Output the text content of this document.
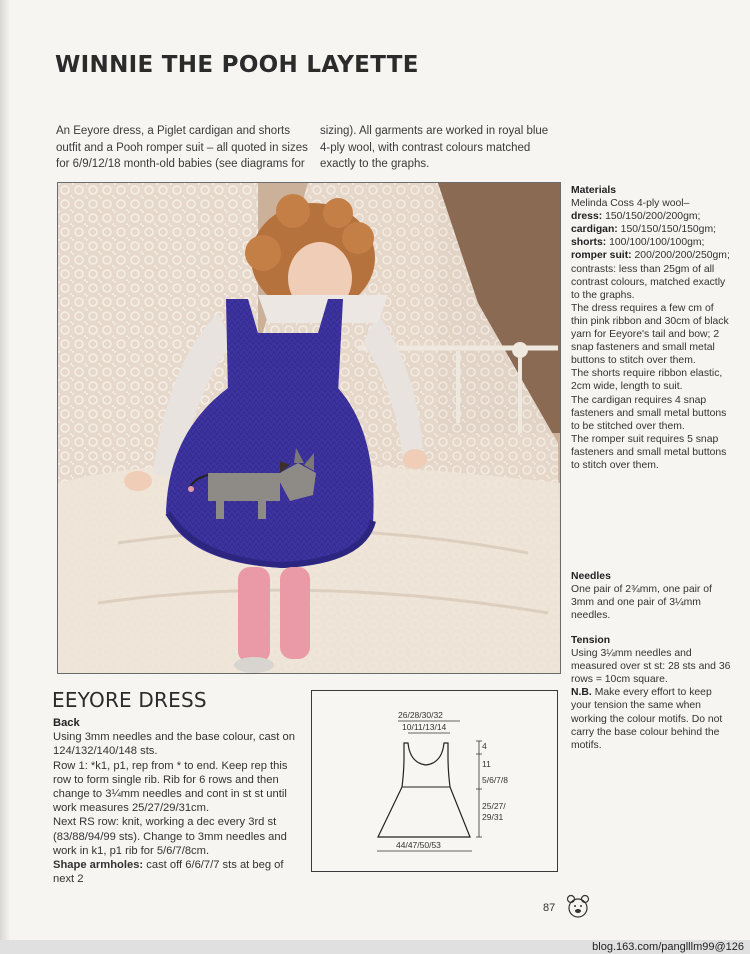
WINNIE THE POOH LAYETTE
An Eeyore dress, a Piglet cardigan and shorts
outfit and a Pooh romper suit – all quoted in sizes
for 6/9/12/18 month-old babies (see diagrams for
sizing). All garments are worked in royal blue
4-ply wool, with contrast colours matched
exactly to the graphs.

Materials

Melinda Coss 4-ply wool–

dress: 150/150/200/200gm; cardigan: 150/150/150/150gm; shorts: 100/100/100/100gm; romper suit: 200/200/200/250gm; contrasts: less than 25gm of all contrast colours, matched exactly to the graphs.

The dress requires a few cm of thin pink ribbon and 30cm of black yarn for Eeyore's tail and bow; 2 snap fasteners and small metal buttons to stitch over them.

The shorts require ribbon elastic, 2cm wide, length to suit.

The cardigan requires 4 snap fasteners and small metal buttons to be stitched over them.

The romper suit requires 5 snap fasteners and small metal buttons to stitch over them.

Needles

One pair of 2¾mm, one pair of 3mm and one pair of 3¼mm needles.

Tension

Using 3¼mm needles and measured over st st: 28 sts and 36 rows = 10cm square.

N.B. Make every effort to keep your tension the same when working the colour motifs. Do not carry the base colour behind the motifs.

EEYORE DRESS

Back

Using 3mm needles and the base colour, cast on 124/132/140/148 sts.

Row 1: *k1, p1, rep from * to end. Keep rep this row to form single rib. Rib for 6 rows and then change to 3¼mm needles and cont in st st until work measures 25/27/29/31cm.

Next RS row: knit, working a dec every 3rd st (83/88/94/99 sts). Change to 3mm needles and work in k1, p1 rib for 5/6/7/8cm.

Shape armholes: cast off 6/6/7/7 sts at beg of next 2

26/28/30/32
10/11/13/14
4
11
5/6/7/8
25/27/
29/31
44/47/50/53

87

blog.163.com/panglllm99@126
